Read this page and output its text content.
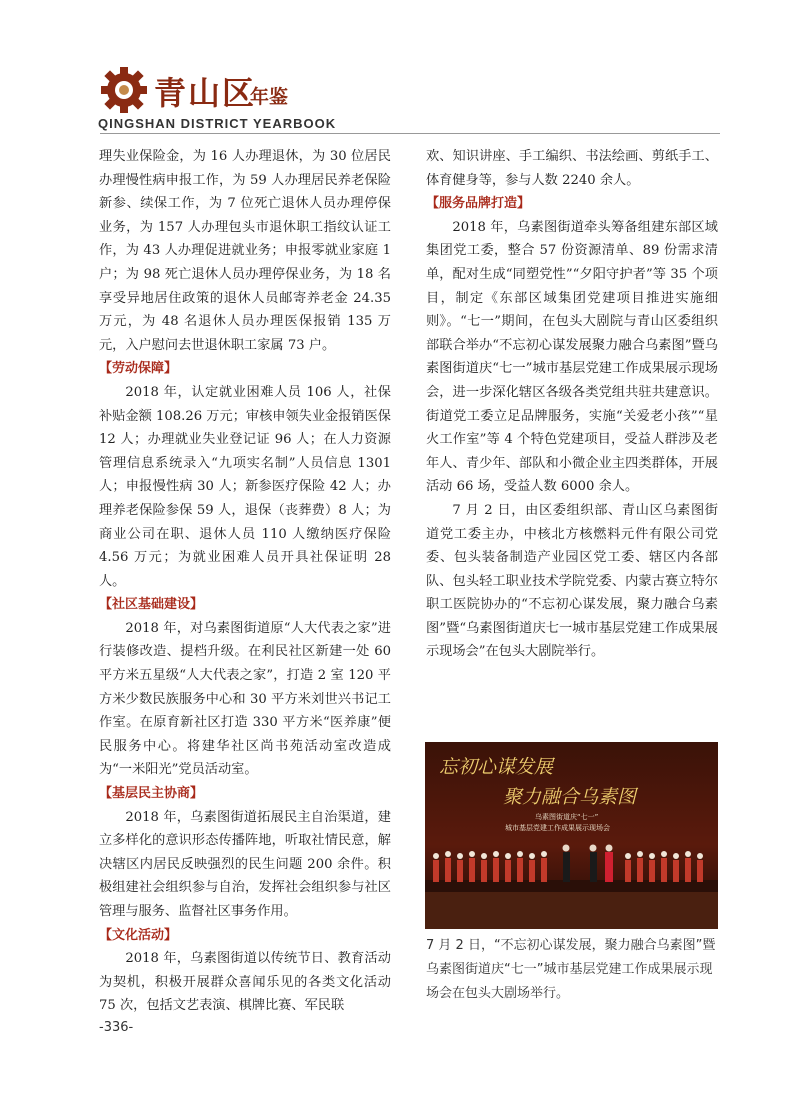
青山区
年鉴
QINGSHAN DISTRICT YEARBOOK

理失业保险金，为 16 人办理退休，为 30 位居民办理慢性病申报工作，为 59 人办理居民养老保险新参、续保工作，为 7 位死亡退休人员办理停保业务，为 157 人办理包头市退休职工指纹认证工作，为 43 人办理促进就业务；申报零就业家庭 1 户；为 98 死亡退休人员办理停保业务，为 18 名享受异地居住政策的退休人员邮寄养老金 24.35 万元，为 48 名退休人员办理医保报销 135 万元，入户慰问去世退休职工家属 73 户。

【劳动保障】

2018 年，认定就业困难人员 106 人，社保补贴金额 108.26 万元；审核申领失业金报销医保 12 人；办理就业失业登记证 96 人；在人力资源管理信息系统录入“九项实名制”人员信息 1301 人；申报慢性病 30 人；新参医疗保险 42 人；办理养老保险参保 59 人，退保（丧葬费）8 人；为商业公司在职、退休人员 110 人缴纳医疗保险 4.56 万元；为就业困难人员开具社保证明 28 人。

【社区基础建设】

2018 年，对乌素图街道原“人大代表之家”进行装修改造、提档升级。在利民社区新建一处 60 平方米五星级“人大代表之家”，打造 2 室 120 平方米少数民族服务中心和 30 平方米刘世兴书记工作室。在原育新社区打造 330 平方米“医养康”便民服务中心。将建华社区尚书苑活动室改造成为“一米阳光”党员活动室。

【基层民主协商】

2018 年，乌素图街道拓展民主自治渠道，建立多样化的意识形态传播阵地，听取社情民意，解决辖区内居民反映强烈的民生问题 200 余件。积极组建社会组织参与自治，发挥社会组织参与社区管理与服务、监督社区事务作用。

【文化活动】

2018 年，乌素图街道以传统节日、教育活动为契机，积极开展群众喜闻乐见的各类文化活动 75 次，包括文艺表演、棋牌比赛、军民联

欢、知识讲座、手工编织、书法绘画、剪纸手工、体育健身等，参与人数 2240 余人。

【服务品牌打造】

2018 年，乌素图街道牵头筹备组建东部区域集团党工委，整合 57 份资源清单、89 份需求清单，配对生成“同塑党性”“夕阳守护者”等 35 个项目，制定《东部区域集团党建项目推进实施细则》。“七一”期间，在包头大剧院与青山区委组织部联合举办“不忘初心谋发展聚力融合乌素图”暨乌素图街道庆“七一”城市基层党建工作成果展示现场会，进一步深化辖区各级各类党组共驻共建意识。街道党工委立足品牌服务，实施“关爱老小孩”“星火工作室”等 4 个特色党建项目，受益人群涉及老年人、青少年、部队和小微企业主四类群体，开展活动 66 场，受益人数 6000 余人。

7 月 2 日，由区委组织部、青山区乌素图街道党工委主办，中核北方核燃料元件有限公司党委、包头装备制造产业园区党工委、辖区内各部队、包头轻工职业技术学院党委、内蒙古赛立特尔职工医院协办的“不忘初心谋发展，聚力融合乌素图”暨“乌素图街道庆七一城市基层党建工作成果展示现场会”在包头大剧院举行。

忘初心谋发展
聚力融合乌素图
乌素图街道庆“七一”
城市基层党建工作成果展示现场会

7 月 2 日，“不忘初心谋发展，聚力融合乌素图”暨乌素图街道庆“七一”城市基层党建工作成果展示现场会在包头大剧场举行。

-336-
